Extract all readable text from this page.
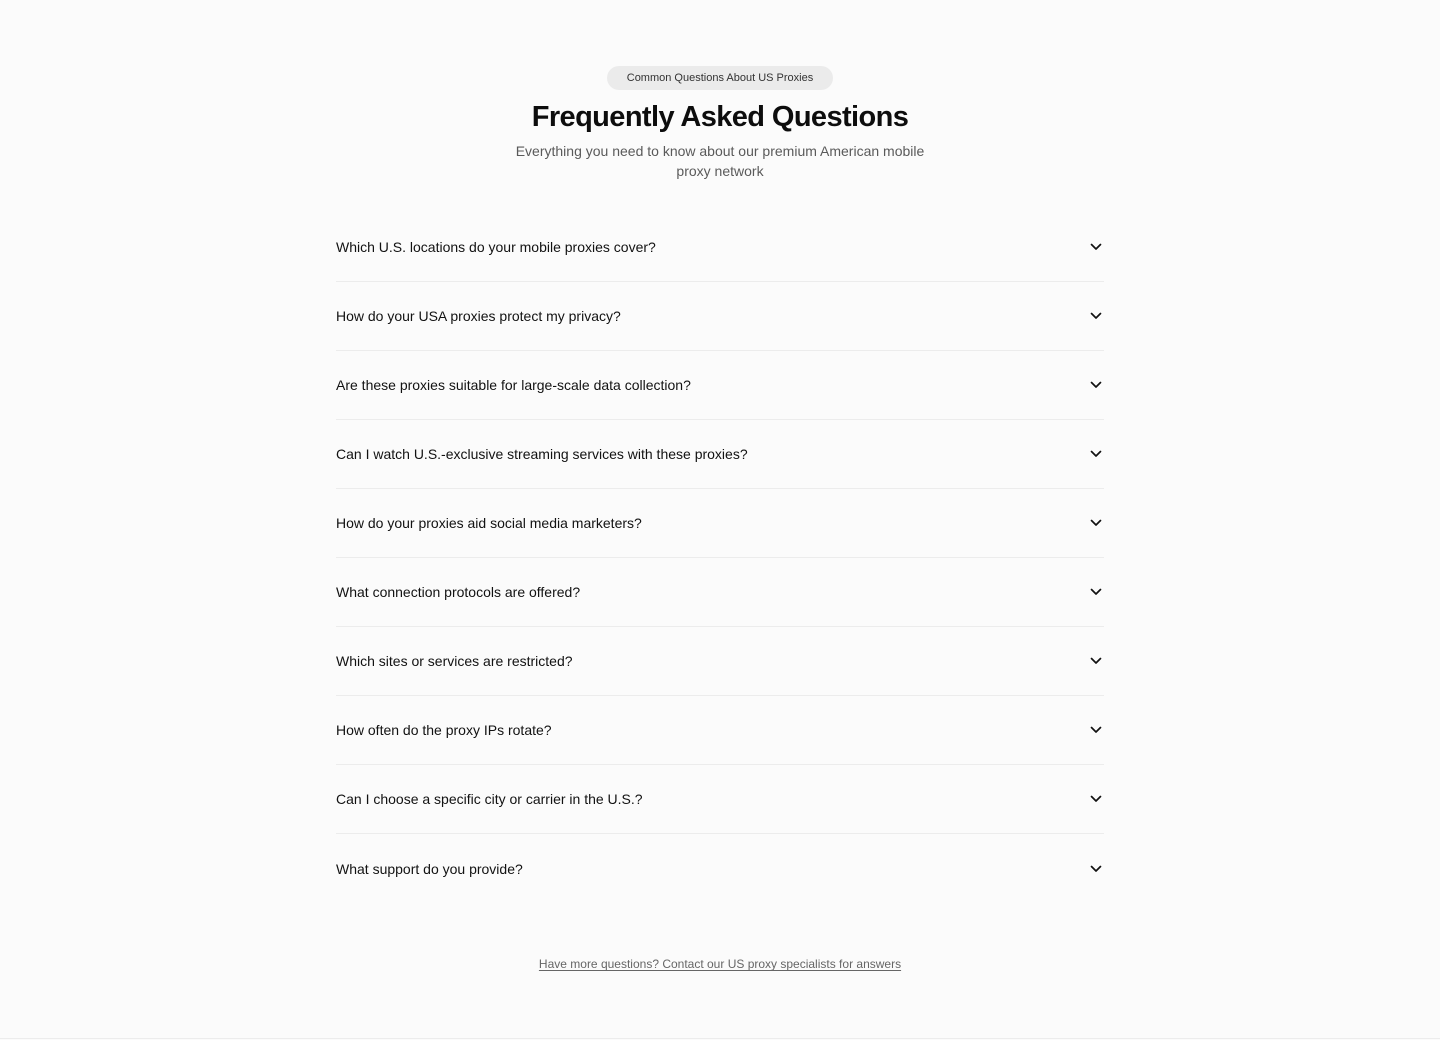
Common Questions About US Proxies
Frequently Asked Questions

Everything you need to know about our premium American mobile proxy network

Which U.S. locations do your mobile proxies cover?
How do your USA proxies protect my privacy?
Are these proxies suitable for large-scale data collection?
Can I watch U.S.-exclusive streaming services with these proxies?
How do your proxies aid social media marketers?
What connection protocols are offered?
Which sites or services are restricted?
How often do the proxy IPs rotate?
Can I choose a specific city or carrier in the U.S.?
What support do you provide?
Have more questions? Contact our US proxy specialists for answers
